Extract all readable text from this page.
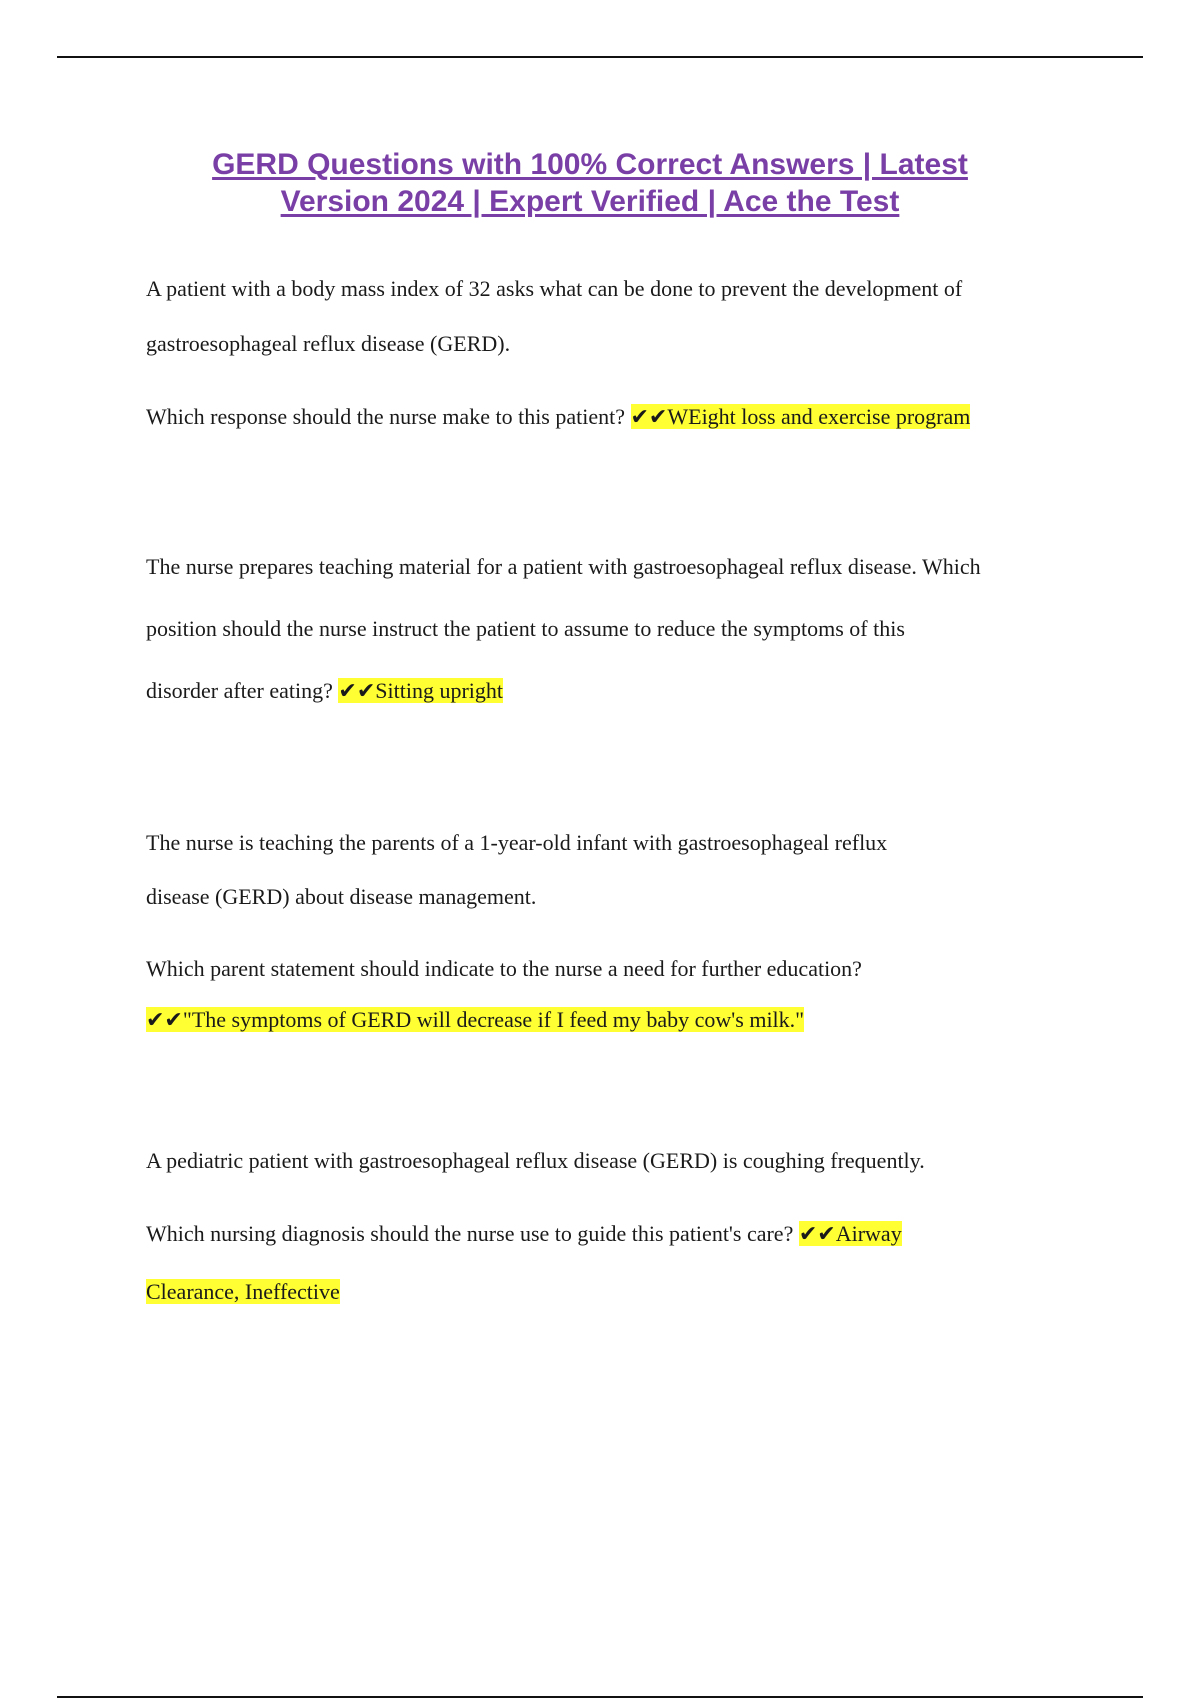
GERD Questions with 100% Correct Answers | Latest
Version 2024 | Expert Verified | Ace the Test
A patient with a body mass index of 32 asks what can be done to prevent the development of
gastroesophageal reflux disease (GERD).
Which response should the nurse make to this patient? ✔✔WEight loss and exercise program
The nurse prepares teaching material for a patient with gastroesophageal reflux disease. Which
position should the nurse instruct the patient to assume to reduce the symptoms of this
disorder after eating? ✔✔Sitting upright
The nurse is teaching the parents of a 1-year-old infant with gastroesophageal reflux
disease (GERD) about disease management.
Which parent statement should indicate to the nurse a need for further education?
✔✔"The symptoms of GERD will decrease if I feed my baby cow's milk."
A pediatric patient with gastroesophageal reflux disease (GERD) is coughing frequently.
Which nursing diagnosis should the nurse use to guide this patient's care? ✔✔Airway
Clearance, Ineffective
